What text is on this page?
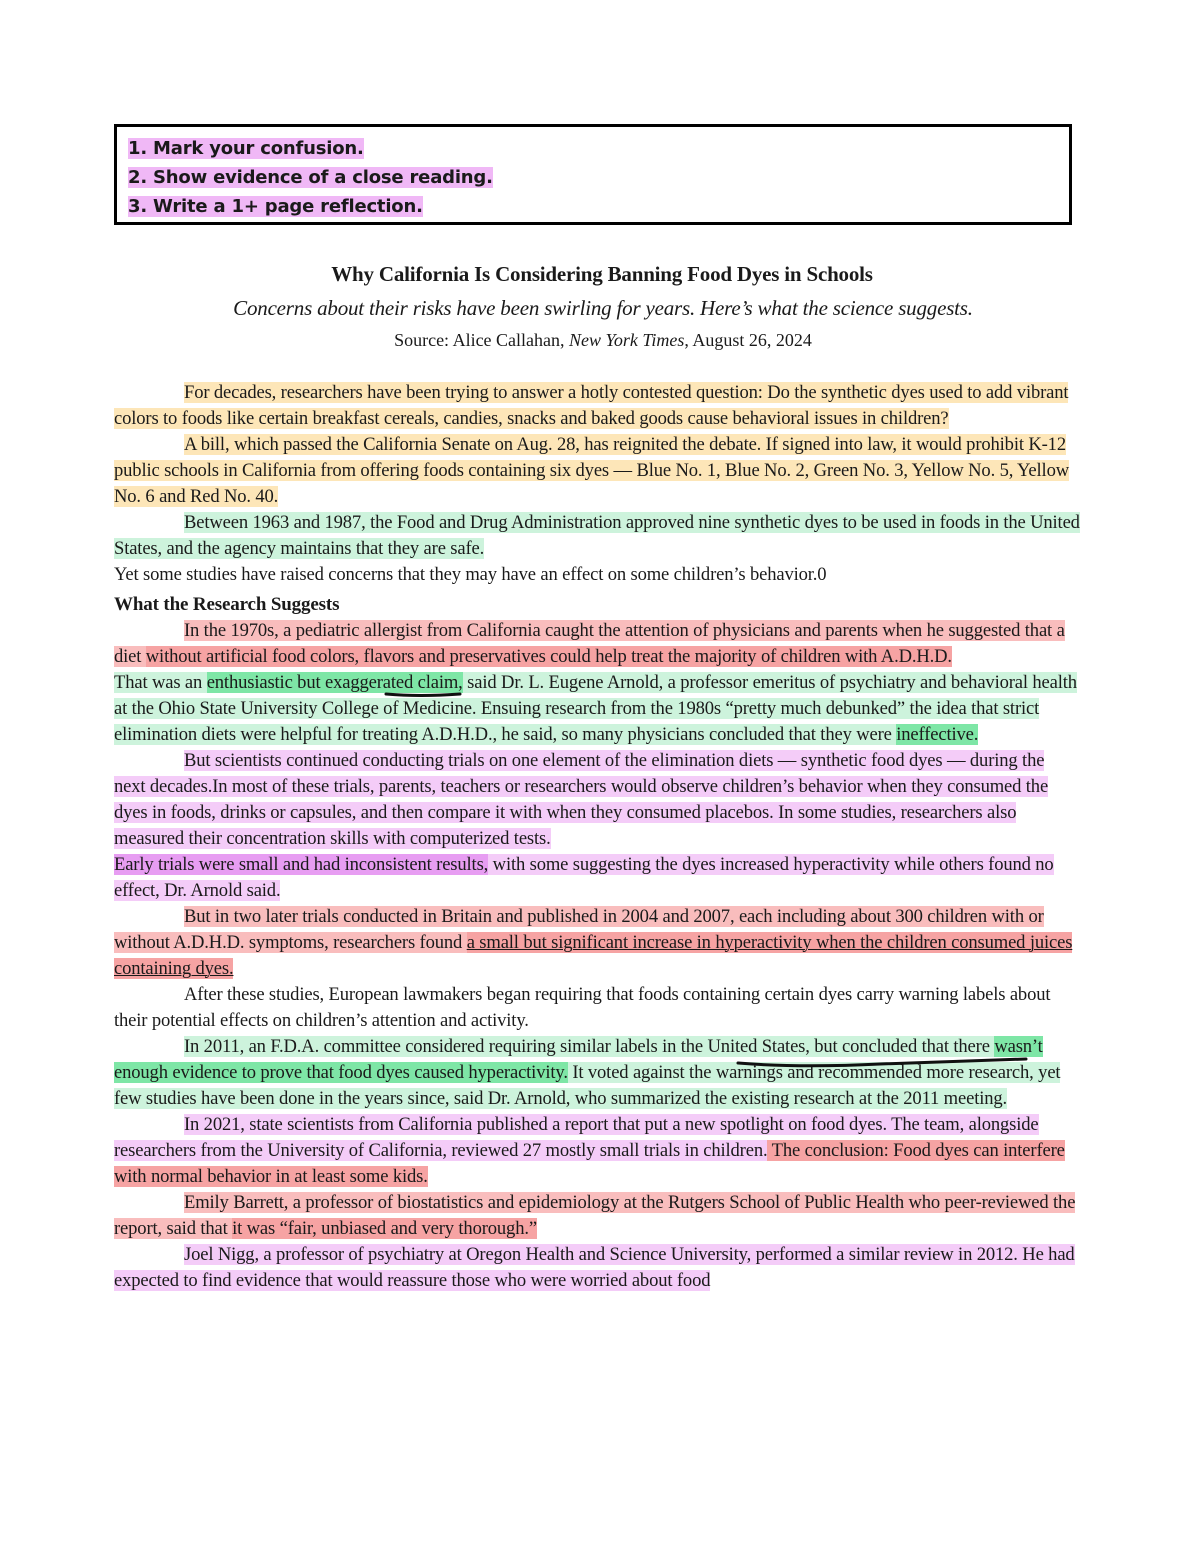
1. Mark your confusion.
2. Show evidence of a close reading.
3. Write a 1+ page reflection.
Why California Is Considering Banning Food Dyes in Schools
Concerns about their risks have been swirling for years. Here’s what the science suggests.
Source: Alice Callahan, New York Times, August 26, 2024

For decades, researchers have been trying to answer a hotly contested question: Do the synthetic dyes used to add vibrant colors to foods like certain breakfast cereals, candies, snacks and baked goods cause behavioral issues in children?

A bill, which passed the California Senate on Aug. 28, has reignited the debate. If signed into law, it would prohibit K-12 public schools in California from offering foods containing six dyes — Blue No. 1, Blue No. 2, Green No. 3, Yellow No. 5, Yellow No. 6 and Red No. 40.

Between 1963 and 1987, the Food and Drug Administration approved nine synthetic dyes to be used in foods in the United States, and the agency maintains that they are safe.

Yet some studies have raised concerns that they may have an effect on some children’s behavior.0

What the Research Suggests

In the 1970s, a pediatric allergist from California caught the attention of physicians and parents when he suggested that a diet without artificial food colors, flavors and preservatives could help treat the majority of children with A.D.H.D.

That was an enthusiastic but exaggerated claim, said Dr. L. Eugene Arnold, a professor emeritus of psychiatry and behavioral health at the Ohio State University College of Medicine. Ensuing research from the 1980s “pretty much debunked” the idea that strict elimination diets were helpful for treating A.D.H.D., he said, so many physicians concluded that they were ineffective.

But scientists continued conducting trials on one element of the elimination diets — synthetic food dyes — during the next decades.In most of these trials, parents, teachers or researchers would observe children’s behavior when they consumed the dyes in foods, drinks or capsules, and then compare it with when they consumed placebos. In some studies, researchers also measured their concentration skills with computerized tests.

Early trials were small and had inconsistent results, with some suggesting the dyes increased hyperactivity while others found no effect, Dr. Arnold said.

But in two later trials conducted in Britain and published in 2004 and 2007, each including about 300 children with or without A.D.H.D. symptoms, researchers found a small but significant increase in hyperactivity when the children consumed juices containing dyes.

After these studies, European lawmakers began requiring that foods containing certain dyes carry warning labels about their potential effects on children’s attention and activity.

In 2011, an F.D.A. committee considered requiring similar labels in the United States, but concluded that there wasn’t enough evidence to prove that food dyes caused hyperactivity. It voted against the warnings and recommended more research, yet few studies have been done in the years since, said Dr. Arnold, who summarized the existing research at the 2011 meeting.

In 2021, state scientists from California published a report that put a new spotlight on food dyes. The team, alongside researchers from the University of California, reviewed 27 mostly small trials in children. The conclusion: Food dyes can interfere with normal behavior in at least some kids.

Emily Barrett, a professor of biostatistics and epidemiology at the Rutgers School of Public Health who peer-reviewed the report, said that it was “fair, unbiased and very thorough.”

Joel Nigg, a professor of psychiatry at Oregon Health and Science University, performed a similar review in 2012. He had expected to find evidence that would reassure those who were worried about food
